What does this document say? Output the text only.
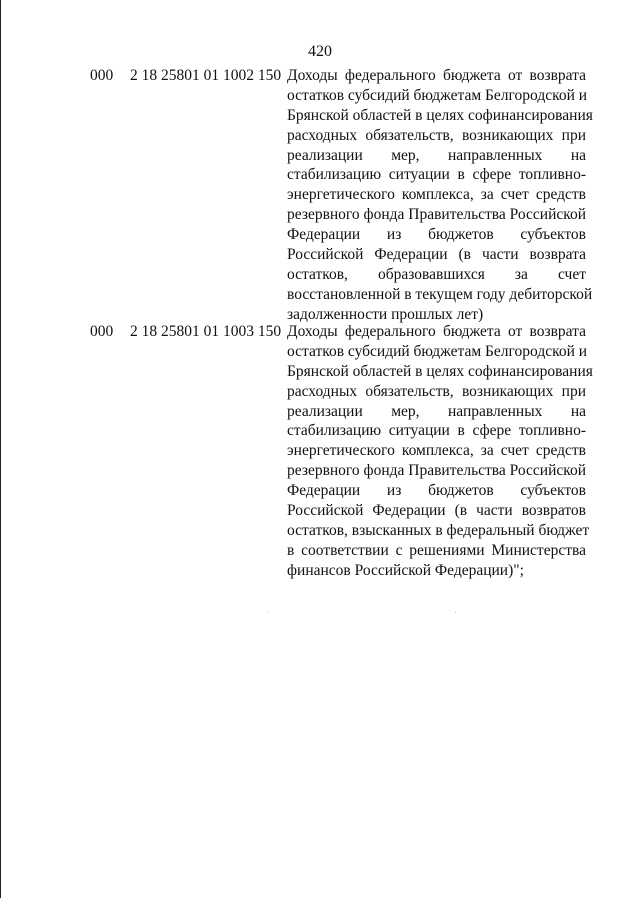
420
000 2 18 25801 01 1002 150 Доходы федерального бюджета от возврата
остатков субсидий бюджетам Белгородской и
Брянской областей в целях софинансирования
расходных обязательств, возникающих при
реализации мер, направленных на
стабилизацию ситуации в сфере топливно-
энергетического комплекса, за счет средств
резервного фонда Правительства Российской
Федерации из бюджетов субъектов
Российской Федерации (в части возврата
остатков, образовавшихся за счет
восстановленной в текущем году дебиторской
задолженности прошлых лет)
000 2 18 25801 01 1003 150 Доходы федерального бюджета от возврата
остатков субсидий бюджетам Белгородской и
Брянской областей в целях софинансирования
расходных обязательств, возникающих при
реализации мер, направленных на
стабилизацию ситуации в сфере топливно-
энергетического комплекса, за счет средств
резервного фонда Правительства Российской
Федерации из бюджетов субъектов
Российской Федерации (в части возвратов
остатков, взысканных в федеральный бюджет
в соответствии с решениями Министерства
финансов Российской Федерации)";
